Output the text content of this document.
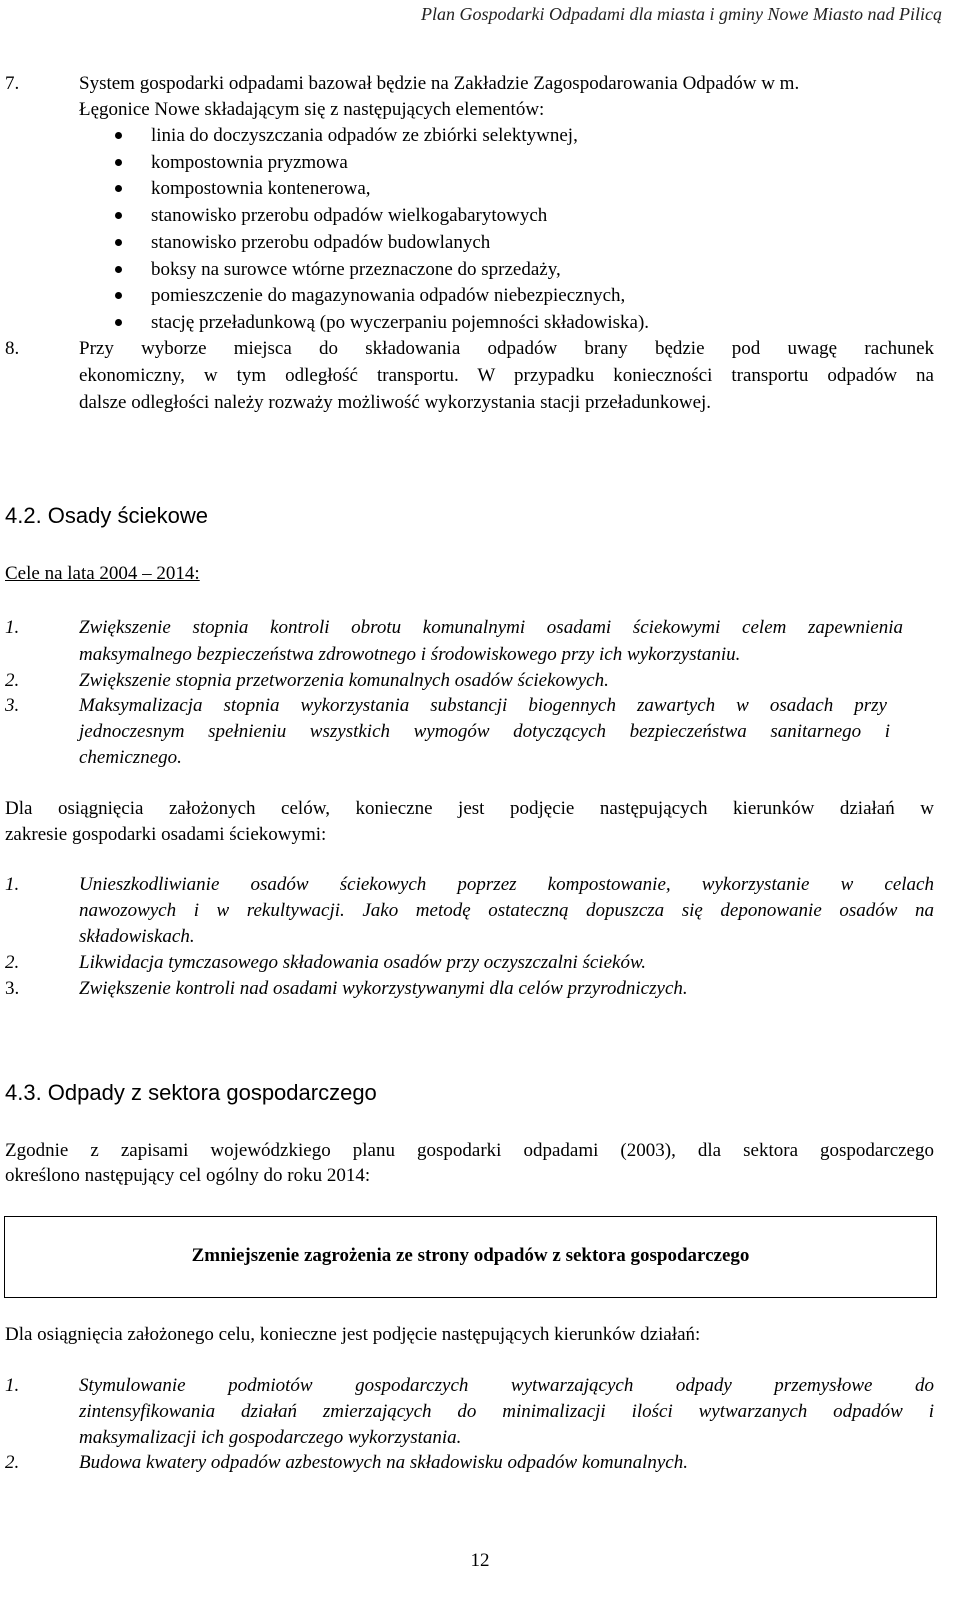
Plan Gospodarki Odpadami dla miasta i gminy Nowe Miasto nad Pilicą
7.	System gospodarki odpadami bazował będzie na Zakładzie Zagospodarowania Odpadów w m.
Łęgonice Nowe składającym się z następujących elementów:
linia do doczyszczania odpadów ze zbiórki selektywnej,
kompostownia pryzmowa
kompostownia kontenerowa,
stanowisko przerobu odpadów wielkogabarytowych
stanowisko przerobu odpadów budowlanych
boksy na surowce wtórne przeznaczone do sprzedaży,
pomieszczenie do magazynowania odpadów niebezpiecznych,
stację przeładunkową (po wyczerpaniu pojemności składowiska).
8.	Przy wyborze miejsca do składowania odpadów brany będzie pod uwagę rachunek
ekonomiczny, w tym odległość transportu. W przypadku konieczności transportu odpadów na
dalsze odległości należy rozważy możliwość wykorzystania stacji przeładunkowej.
4.2. Osady ściekowe
Cele na lata 2004 – 2014:
1.	Zwiększenie stopnia kontroli obrotu komunalnymi osadami ściekowymi celem zapewnienia
maksymalnego bezpieczeństwa zdrowotnego i środowiskowego przy ich wykorzystaniu.
2.	Zwiększenie stopnia przetworzenia komunalnych osadów ściekowych.
3.	Maksymalizacja stopnia wykorzystania substancji biogennych zawartych w osadach przy
jednoczesnym spełnieniu wszystkich wymogów dotyczących bezpieczeństwa sanitarnego i
chemicznego.
Dla osiągnięcia założonych celów, konieczne jest podjęcie następujących kierunków działań w
zakresie gospodarki osadami ściekowymi:
1.	Unieszkodliwianie osadów ściekowych poprzez kompostowanie, wykorzystanie w celach
nawozowych i w rekultywacji. Jako metodę ostateczną dopuszcza się deponowanie osadów na
składowiskach.
2.	Likwidacja tymczasowego składowania osadów przy oczyszczalni ścieków.
3.	Zwiększenie kontroli nad osadami wykorzystywanymi dla celów przyrodniczych.
4.3. Odpady z sektora gospodarczego
Zgodnie z zapisami wojewódzkiego planu gospodarki odpadami (2003), dla sektora gospodarczego
określono następujący cel ogólny do roku 2014:
Zmniejszenie zagrożenia ze strony odpadów z sektora gospodarczego
Dla osiągnięcia założonego celu, konieczne jest podjęcie następujących kierunków działań:
1.	Stymulowanie podmiotów gospodarczych wytwarzających odpady przemysłowe do
zintensyfikowania działań zmierzających do minimalizacji ilości wytwarzanych odpadów i
maksymalizacji ich gospodarczego wykorzystania.
2.	Budowa kwatery odpadów azbestowych na składowisku odpadów komunalnych.
12
